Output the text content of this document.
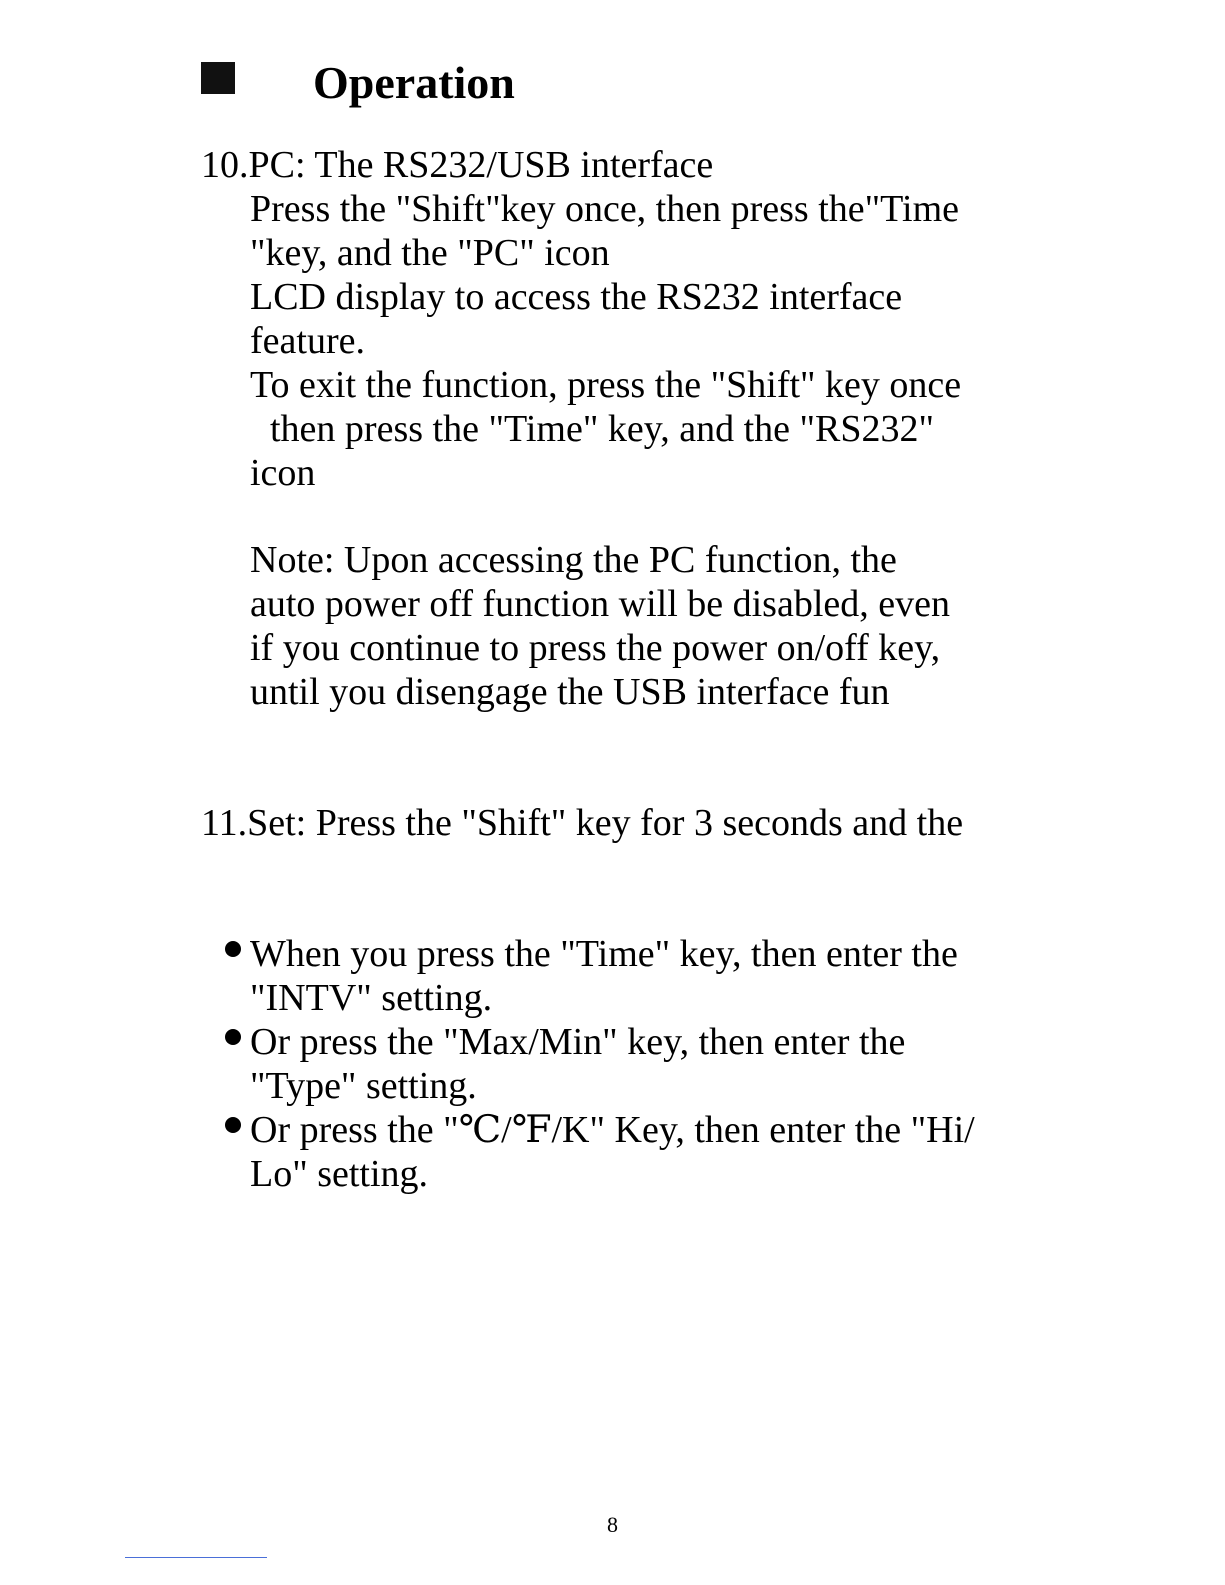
Operation

10.PC: The RS232/USB interface

Press the "Shift"key once, then press the"Time

"key, and the "PC" icon

LCD display to access the RS232 interface

feature.

To exit the function, press the "Shift" key once

then press the "Time" key, and the "RS232"

icon

Note: Upon accessing the PC function, the

auto power off function will be disabled, even

if you continue to press the power on/off key,

until you disengage the USB interface fun

11.Set: Press the "Shift" key for 3 seconds and the

When you press the "Time" key, then enter the

"INTV" setting.

Or press the "Max/Min" key, then enter the

"Type" setting.

Or press the "℃/℉/K" Key, then enter the "Hi/

Lo" setting.

8
